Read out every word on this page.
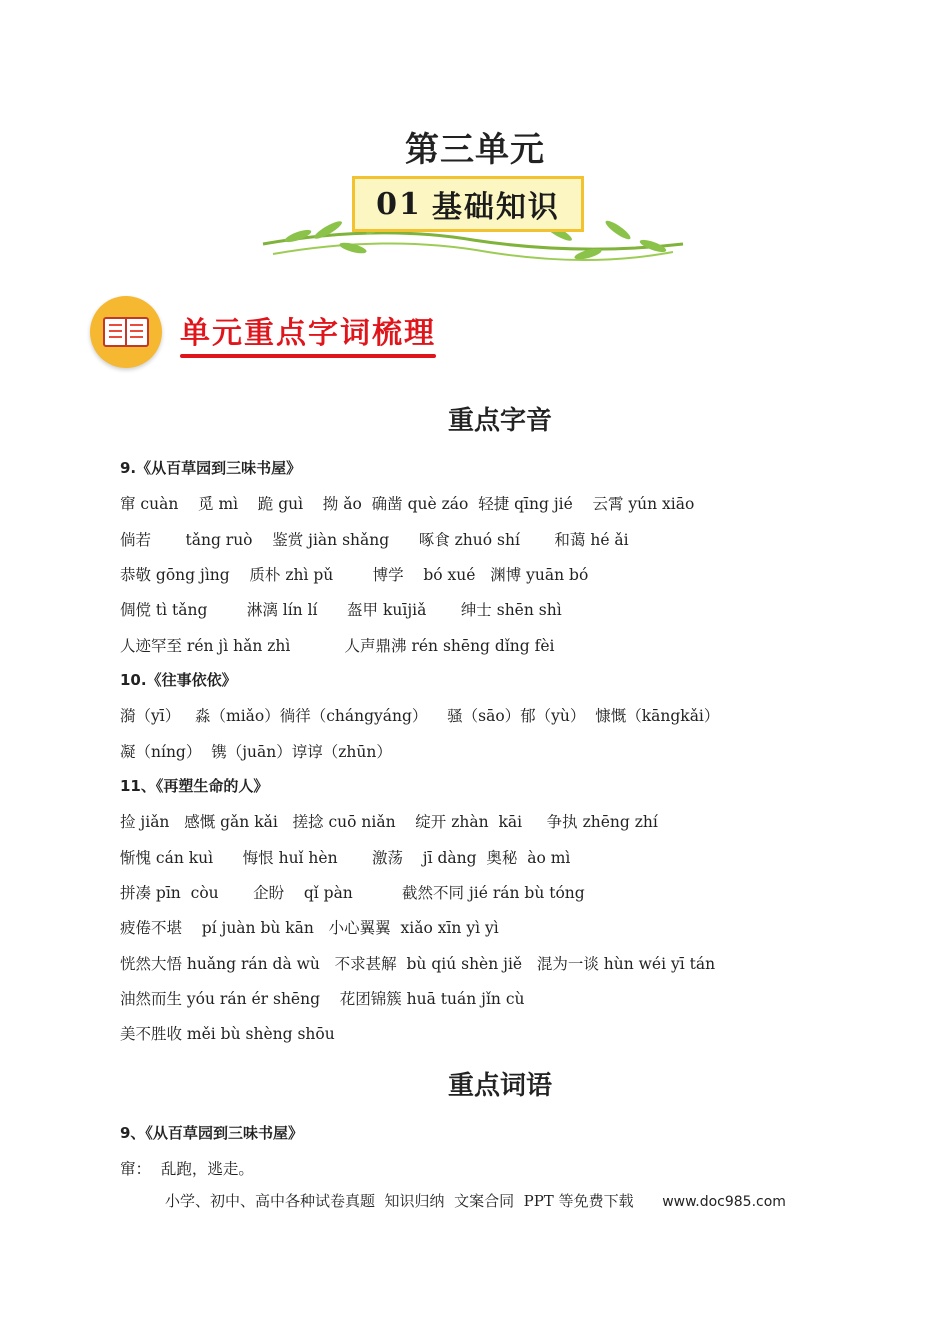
第三单元
01 基础知识
单元重点字词梳理
重点字音
9.《从百草园到三味书屋》
窜 cuàn    觅 mì    跪 guì    拗 ǎo  确凿 què záo  轻捷 qīng jié    云霄 yún xiāo
倘若       tǎng ruò    鉴赏 jiàn shǎng      啄食 zhuó shí       和蔼 hé ǎi
恭敬 gōng jìng    质朴 zhì pǔ        博学    bó xué   渊博 yuān bó
倜傥 tì tǎng        淋漓 lín lí      盔甲 kuījiǎ       绅士 shēn shì
人迹罕至 rén jì hǎn zhì           人声鼎沸 rén shēng dǐng fèi
10.《往事依依》
漪（yī）   淼（miǎo）徜徉（chángyáng）    骚（sāo）郁（yù）  慷慨（kāngkǎi）
凝（níng）  镌（juān）谆谆（zhūn）
11、《再塑生命的人》
捡 jiǎn   感慨 gǎn kǎi   搓捻 cuō niǎn    绽开 zhàn  kāi     争执 zhēng zhí
惭愧 cán kuì      悔恨 huǐ hèn       激荡    jī dàng  奥秘  ào mì
拼凑 pīn  còu       企盼    qǐ pàn          截然不同 jié rán bù tóng
疲倦不堪    pí juàn bù kān   小心翼翼  xiǎo xīn yì yì
恍然大悟 huǎng rán dà wù   不求甚解  bù qiú shèn jiě   混为一谈 hùn wéi yī tán
油然而生 yóu rán ér shēng    花团锦簇 huā tuán jǐn cù
美不胜收 měi bù shèng shōu
重点词语
9、《从百草园到三味书屋》
窜：  乱跑，逃走。
小学、初中、高中各种试卷真题  知识归纳  文案合同  PPT 等免费下载 www.doc985.com
